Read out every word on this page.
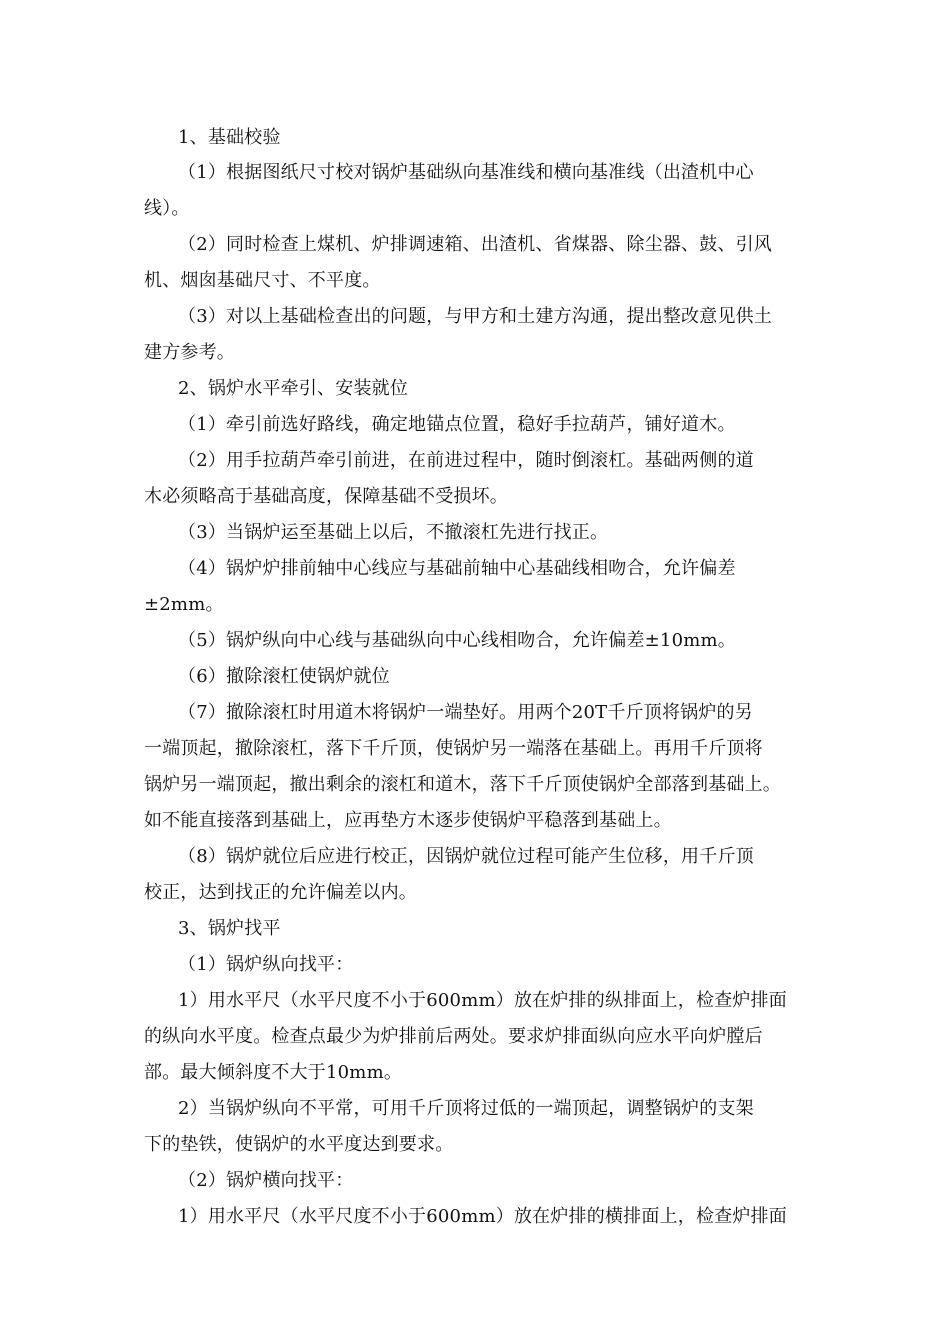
1、基础校验
（1）根据图纸尺寸校对锅炉基础纵向基准线和横向基准线（出渣机中心
线）。
（2）同时检查上煤机、炉排调速箱、出渣机、省煤器、除尘器、鼓、引风
机、烟囱基础尺寸、不平度。
（3）对以上基础检查出的问题，与甲方和土建方沟通，提出整改意见供土
建方参考。
2、锅炉水平牵引、安装就位
（1）牵引前选好路线，确定地锚点位置，稳好手拉葫芦，铺好道木。
（2）用手拉葫芦牵引前进，在前进过程中，随时倒滚杠。基础两侧的道
木必须略高于基础高度，保障基础不受损坏。
（3）当锅炉运至基础上以后，不撤滚杠先进行找正。
（4）锅炉炉排前轴中心线应与基础前轴中心基础线相吻合，允许偏差
±2mm。
（5）锅炉纵向中心线与基础纵向中心线相吻合，允许偏差±10mm。
（6）撤除滚杠使锅炉就位
（7）撤除滚杠时用道木将锅炉一端垫好。用两个20T千斤顶将锅炉的另
一端顶起，撤除滚杠，落下千斤顶，使锅炉另一端落在基础上。再用千斤顶将
锅炉另一端顶起，撤出剩余的滚杠和道木，落下千斤顶使锅炉全部落到基础上。
如不能直接落到基础上，应再垫方木逐步使锅炉平稳落到基础上。
（8）锅炉就位后应进行校正，因锅炉就位过程可能产生位移，用千斤顶
校正，达到找正的允许偏差以内。
3、锅炉找平
（1）锅炉纵向找平：
1）用水平尺（水平尺度不小于600mm）放在炉排的纵排面上，检查炉排面
的纵向水平度。检查点最少为炉排前后两处。要求炉排面纵向应水平向炉膛后
部。最大倾斜度不大于10mm。
2）当锅炉纵向不平常，可用千斤顶将过低的一端顶起，调整锅炉的支架
下的垫铁，使锅炉的水平度达到要求。
（2）锅炉横向找平：
1）用水平尺（水平尺度不小于600mm）放在炉排的横排面上，检查炉排面
